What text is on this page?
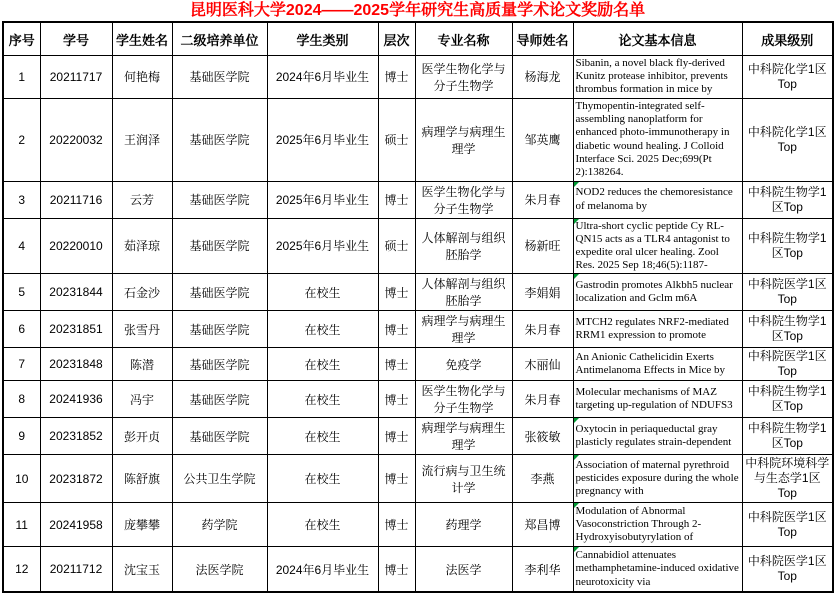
昆明医科大学2024——2025学年研究生高质量学术论文奖励名单
序号	学号	学生姓名	二级培养单位	学生类别	层次	专业名称	导师姓名	论文基本信息	成果级别
1	20211717	何艳梅	基础医学院	2024年6月毕业生	博士	医学生物化学与分子生物学	杨海龙	Sibanin, a novel black fly-derived Kunitz protease inhibitor, prevents thrombus formation in mice by	中科院化学1区 Top
2	20220032	王润泽	基础医学院	2025年6月毕业生	硕士	病理学与病理生理学	邹英鹰	Thymopentin-integrated self-assembling nanoplatform for enhanced photo-immunotherapy in diabetic wound healing. J Colloid Interface Sci. 2025 Dec;699(Pt 2):138264.	中科院化学1区 Top
3	20211716	云芳	基础医学院	2025年6月毕业生	博士	医学生物化学与分子生物学	朱月春	NOD2 reduces the chemoresistance of melanoma by	中科院生物学1区Top
4	20220010	茹泽琼	基础医学院	2025年6月毕业生	硕士	人体解剖与组织胚胎学	杨新旺	Ultra-short cyclic peptide Cy RL-QN15 acts as a TLR4 antagonist to expedite oral ulcer healing. Zool Res. 2025 Sep 18;46(5):1187-	中科院生物学1区Top
5	20231844	石金沙	基础医学院	在校生	博士	人体解剖与组织胚胎学	李娟娟	Gastrodin promotes Alkbh5 nuclear localization and Gclm m6A	中科院医学1区 Top
6	20231851	张雪丹	基础医学院	在校生	博士	病理学与病理生理学	朱月春	MTCH2 regulates NRF2-mediated RRM1 expression to promote	中科院生物学1区Top
7	20231848	陈潜	基础医学院	在校生	博士	免疫学	木丽仙	An Anionic Cathelicidin Exerts Antimelanoma Effects in Mice by	中科院医学1区 Top
8	20241936	冯宇	基础医学院	在校生	博士	医学生物化学与分子生物学	朱月春	Molecular mechanisms of MAZ targeting up-regulation of NDUFS3	中科院生物学1区Top
9	20231852	彭开贞	基础医学院	在校生	博士	病理学与病理生理学	张筱敏	Oxytocin in periaqueductal gray plasticly regulates strain-dependent	中科院生物学1区Top
10	20231872	陈舒旗	公共卫生学院	在校生	博士	流行病与卫生统计学	李燕	Association of maternal pyrethroid pesticides exposure during the whole pregnancy with	中科院环境科学与生态学1区Top
11	20241958	庞攀攀	药学院	在校生	博士	药理学	郑昌博	Modulation of Abnormal Vasoconstriction Through 2-Hydroxyisobutyrylation of	中科院医学1区 Top
12	20211712	沈宝玉	法医学院	2024年6月毕业生	博士	法医学	李利华	Cannabidiol attenuates methamphetamine-induced oxidative neurotoxicity via	中科院医学1区 Top
